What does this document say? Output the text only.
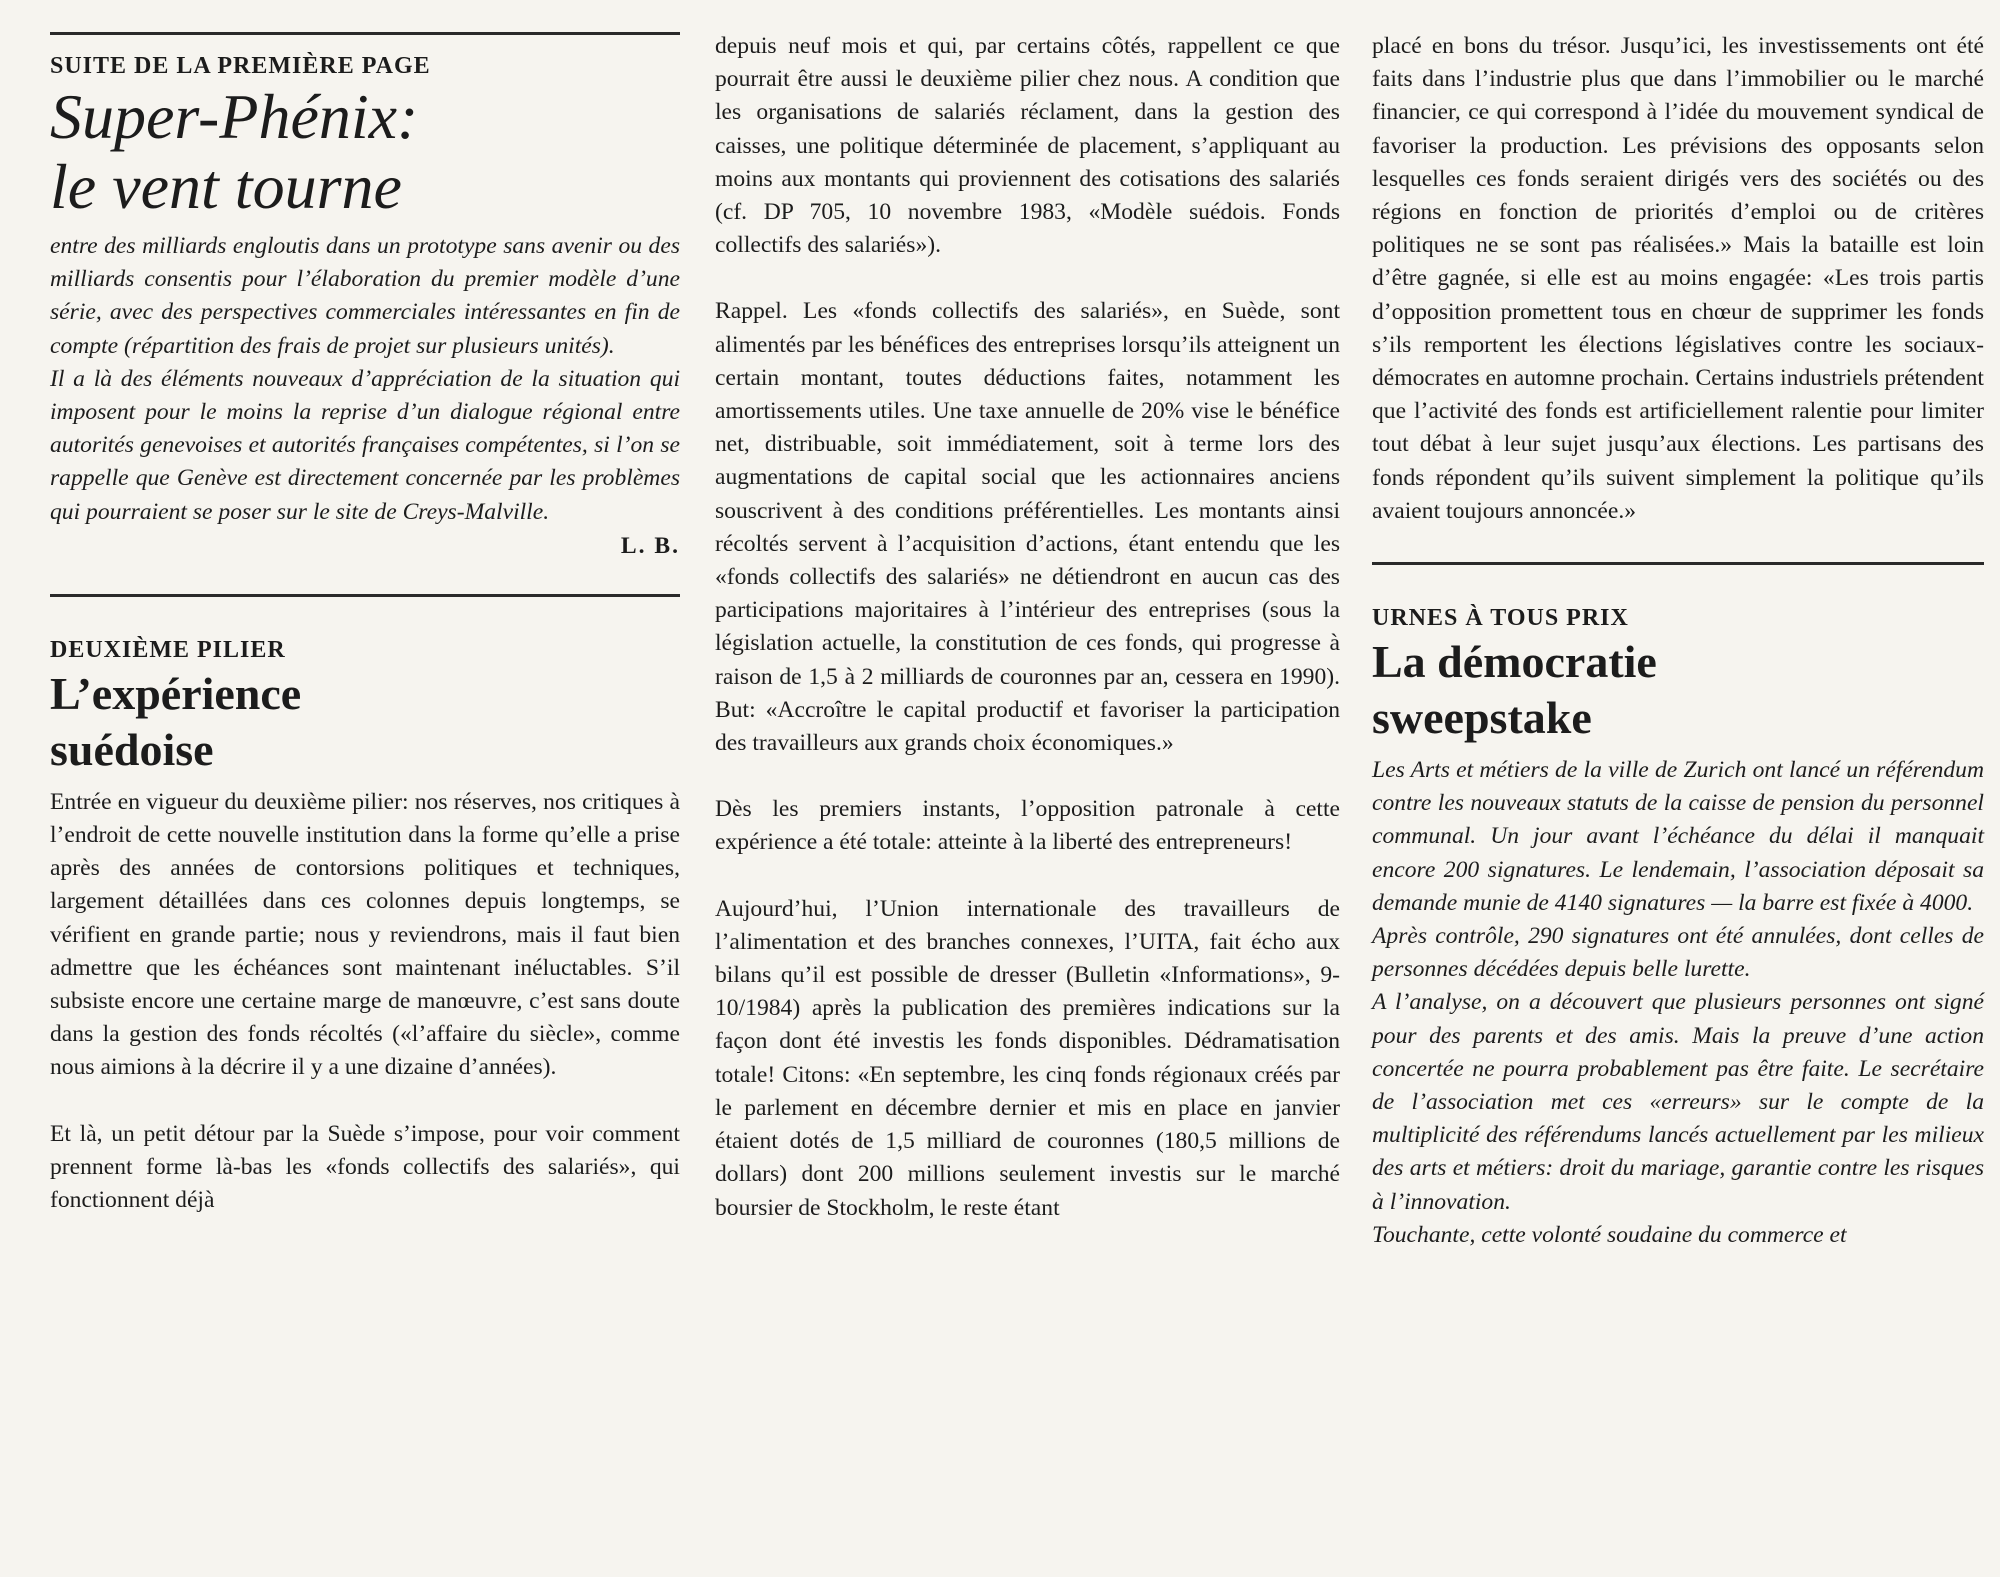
SUITE DE LA PREMIÈRE PAGE

Super-Phénix:
le vent tourne

entre des milliards engloutis dans un prototype sans avenir ou des milliards consentis pour l’élaboration du premier modèle d’une série, avec des perspectives commerciales intéressantes en fin de compte (répartition des frais de projet sur plusieurs unités).

Il a là des éléments nouveaux d’appréciation de la situation qui imposent pour le moins la reprise d’un dialogue régional entre autorités genevoises et autorités françaises compétentes, si l’on se rappelle que Genève est directement concernée par les problèmes qui pourraient se poser sur le site de Creys-Malville.

L. B.

DEUXIÈME PILIER

L’expérience
suédoise

Entrée en vigueur du deuxième pilier: nos réserves, nos critiques à l’endroit de cette nouvelle institution dans la forme qu’elle a prise après des années de contorsions politiques et techniques, largement détaillées dans ces colonnes depuis longtemps, se vérifient en grande partie; nous y reviendrons, mais il faut bien admettre que les échéances sont maintenant inéluctables. S’il subsiste encore une certaine marge de manœuvre, c’est sans doute dans la gestion des fonds récoltés («l’affaire du siècle», comme nous aimions à la décrire il y a une dizaine d’années).

Et là, un petit détour par la Suède s’impose, pour voir comment prennent forme là-bas les «fonds collectifs des salariés», qui fonctionnent déjà

depuis neuf mois et qui, par certains côtés, rappellent ce que pourrait être aussi le deuxième pilier chez nous. A condition que les organisations de salariés réclament, dans la gestion des caisses, une politique déterminée de placement, s’appliquant au moins aux montants qui proviennent des cotisations des salariés (cf. DP 705, 10 novembre 1983, «Modèle suédois. Fonds collectifs des salariés»).

Rappel. Les «fonds collectifs des salariés», en Suède, sont alimentés par les bénéfices des entreprises lorsqu’ils atteignent un certain montant, toutes déductions faites, notamment les amortissements utiles. Une taxe annuelle de 20% vise le bénéfice net, distribuable, soit immédiatement, soit à terme lors des augmentations de capital social que les actionnaires anciens souscrivent à des conditions préférentielles. Les montants ainsi récoltés servent à l’acquisition d’actions, étant entendu que les «fonds collectifs des salariés» ne détiendront en aucun cas des participations majoritaires à l’intérieur des entreprises (sous la législation actuelle, la constitution de ces fonds, qui progresse à raison de 1,5 à 2 milliards de couronnes par an, cessera en 1990). But: «Accroître le capital productif et favoriser la participation des travailleurs aux grands choix économiques.»

Dès les premiers instants, l’opposition patronale à cette expérience a été totale: atteinte à la liberté des entrepreneurs!

Aujourd’hui, l’Union internationale des travailleurs de l’alimentation et des branches connexes, l’UITA, fait écho aux bilans qu’il est possible de dresser (Bulletin «Informations», 9-10/1984) après la publication des premières indications sur la façon dont été investis les fonds disponibles. Dédramatisation totale! Citons: «En septembre, les cinq fonds régionaux créés par le parlement en décembre dernier et mis en place en janvier étaient dotés de 1,5 milliard de couronnes (180,5 millions de dollars) dont 200 millions seulement investis sur le marché boursier de Stockholm, le reste étant

placé en bons du trésor. Jusqu’ici, les investissements ont été faits dans l’industrie plus que dans l’immobilier ou le marché financier, ce qui correspond à l’idée du mouvement syndical de favoriser la production. Les prévisions des opposants selon lesquelles ces fonds seraient dirigés vers des sociétés ou des régions en fonction de priorités d’emploi ou de critères politiques ne se sont pas réalisées.» Mais la bataille est loin d’être gagnée, si elle est au moins engagée: «Les trois partis d’opposition promettent tous en chœur de supprimer les fonds s’ils remportent les élections législatives contre les sociaux-démocrates en automne prochain. Certains industriels prétendent que l’activité des fonds est artificiellement ralentie pour limiter tout débat à leur sujet jusqu’aux élections. Les partisans des fonds répondent qu’ils suivent simplement la politique qu’ils avaient toujours annoncée.»

URNES À TOUS PRIX

La démocratie
sweepstake

Les Arts et métiers de la ville de Zurich ont lancé un référendum contre les nouveaux statuts de la caisse de pension du personnel communal. Un jour avant l’échéance du délai il manquait encore 200 signatures. Le lendemain, l’association déposait sa demande munie de 4140 signatures — la barre est fixée à 4000.

Après contrôle, 290 signatures ont été annulées, dont celles de personnes décédées depuis belle lurette.

A l’analyse, on a découvert que plusieurs personnes ont signé pour des parents et des amis. Mais la preuve d’une action concertée ne pourra probablement pas être faite. Le secrétaire de l’association met ces «erreurs» sur le compte de la multiplicité des référendums lancés actuellement par les milieux des arts et métiers: droit du mariage, garantie contre les risques à l’innovation.

Touchante, cette volonté soudaine du commerce et
